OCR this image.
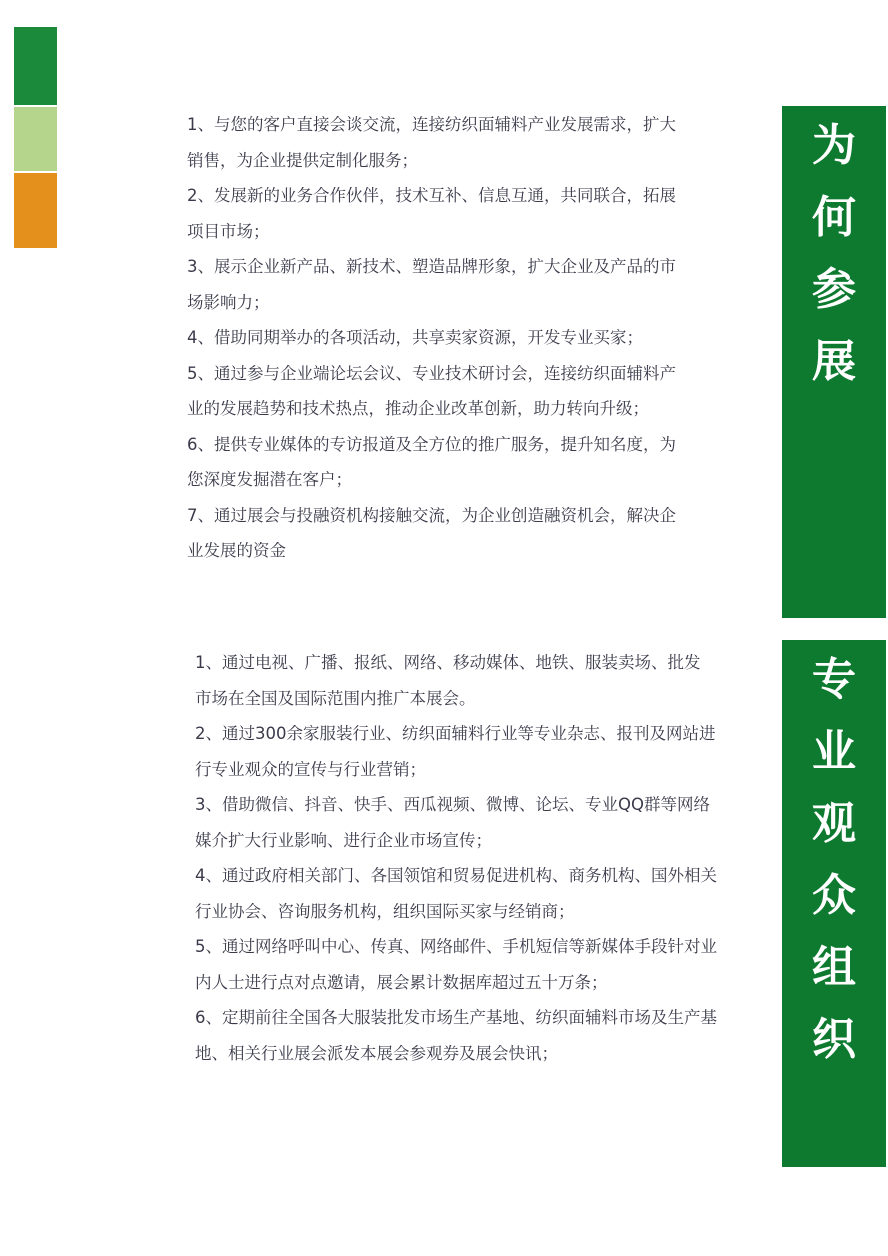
为
何
参
展
专
业
观
众
组
织

1、与您的客户直接会谈交流，连接纺织面辅料产业发展需求，扩大

销售，为企业提供定制化服务；

2、发展新的业务合作伙伴，技术互补、信息互通，共同联合，拓展

项目市场；

3、展示企业新产品、新技术、塑造品牌形象，扩大企业及产品的市

场影响力；

4、借助同期举办的各项活动，共享卖家资源，开发专业买家；

5、通过参与企业端论坛会议、专业技术研讨会，连接纺织面辅料产

业的发展趋势和技术热点，推动企业改革创新，助力转向升级；

6、提供专业媒体的专访报道及全方位的推广服务，提升知名度，为

您深度发掘潜在客户；

7、通过展会与投融资机构接触交流，为企业创造融资机会，解决企

业发展的资金

1、通过电视、广播、报纸、网络、移动媒体、地铁、服装卖场、批发

市场在全国及国际范围内推广本展会。

2、通过300余家服装行业、纺织面辅料行业等专业杂志、报刊及网站进

行专业观众的宣传与行业营销；

3、借助微信、抖音、快手、西瓜视频、微博、论坛、专业QQ群等网络

媒介扩大行业影响、进行企业市场宣传；

4、通过政府相关部门、各国领馆和贸易促进机构、商务机构、国外相关

行业协会、咨询服务机构，组织国际买家与经销商；

5、通过网络呼叫中心、传真、网络邮件、手机短信等新媒体手段针对业

内人士进行点对点邀请，展会累计数据库超过五十万条；

6、定期前往全国各大服装批发市场生产基地、纺织面辅料市场及生产基

地、相关行业展会派发本展会参观券及展会快讯；
